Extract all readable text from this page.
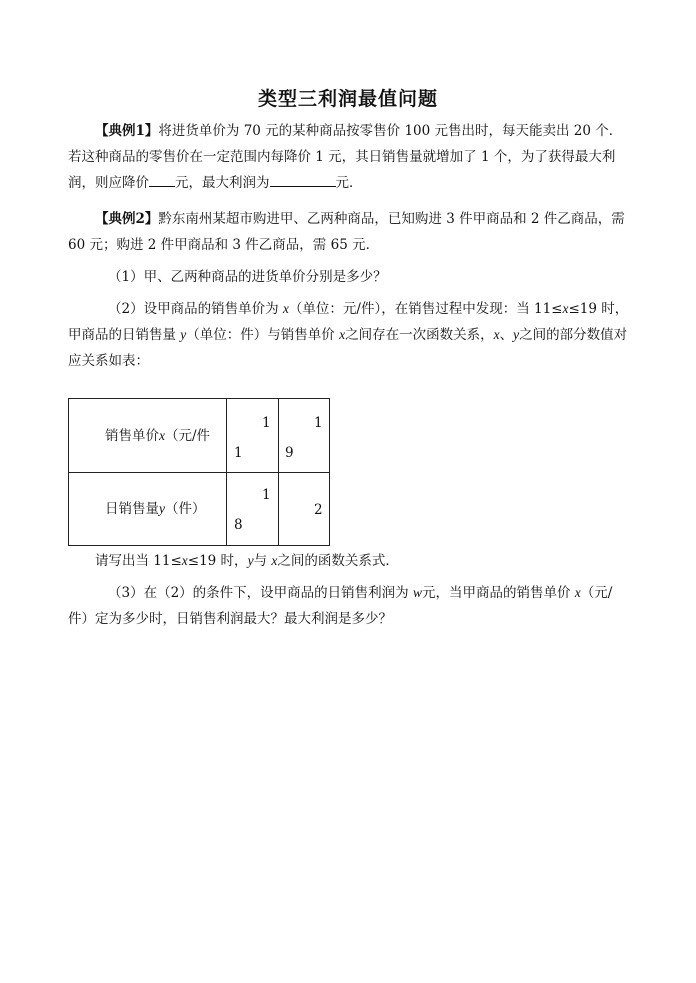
类型三利润最值问题

【典例1】将进货单价为 70 元的某种商品按零售价 100 元售出时，每天能卖出 20 个．若这种商品的零售价在一定范围内每降价 1 元，其日销售量就增加了 1 个，为了获得最大利润，则应降价 元，最大利润为	元．

【典例2】黔东南州某超市购进甲、乙两种商品，已知购进 3 件甲商品和 2 件乙商品，需 60 元；购进 2 件甲商品和 3 件乙商品，需 65 元．

（1）甲、乙两种商品的进货单价分别是多少？

（2）设甲商品的销售单价为 x（单位：元/件），在销售过程中发现：当 11≤x≤19 时，甲商品的日销售量 y（单位：件）与销售单价 x之间存在一次函数关系，x、y之间的部分数值对应关系如表：

销售单价x（元/件
1
1
1
9
日销售量y（件）
1
8
2

请写出当 11≤x≤19 时，y与 x之间的函数关系式．

（3）在（2）的条件下，设甲商品的日销售利润为 w元，当甲商品的销售单价 x（元/件）定为多少时，日销售利润最大？最大利润是多少？
